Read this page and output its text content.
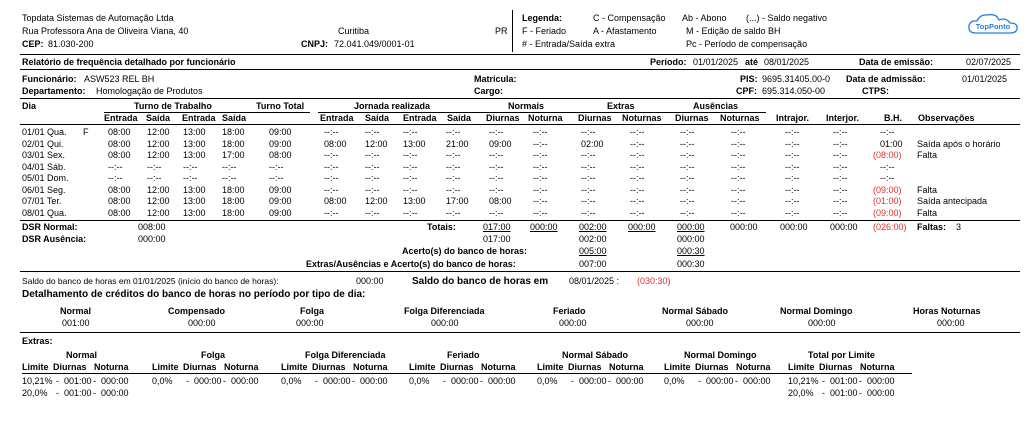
Topdata Sistemas de Automação Ltda
Rua Professora Ana de Oliveira Viana, 40
CEP: 81.030-200
Curitiba	PR
CNPJ: 72.041.049/0001-01
Legenda:	C - Compensação Ab - Abono (...) - Saldo negativo
F - Feriado	A - Afastamento	M - Edição de saldo BH
# - Entrada/Saída extra	Pc - Período de compensação
TopPonto
Relatório de frequência detalhado por funcionário	Período: 01/01/2025 até 08/01/2025	Data de emissão:	02/07/2025
Funcionário: ASW523 REL BH
Departamento: Homologação de Produtos
Matricula:
Cargo:
PIS: 9695.31405.00-0 Data de admissão:	01/01/2025
CPF: 695.314.050-00	CTPS:
Dia	Turno de Trabalho	Turno Total	Jornada realizada	Normais	Extras	Ausências
Entrada Saída Entrada Saída	Entrada Saída Entrada Saída Diurnas Noturna Diurnas Noturnas Diurnas Noturnas Intrajor. Interjor.	B.H. Observações
01/01 Qua. F 08:00 12:00 13:00 18:00	09:00	--:--	--:--	--:--	--:--	--:--	--:--	--:--	--:--	--:--	--:--	--:--	--:--	--:--
02/01 Qui.	08:00 12:00 13:00 18:00	09:00	08:00 12:00 13:00 21:00 09:00 --:--	02:00	--:--	--:--	--:--	--:--	--:--	01:00 Saída após o horário
03/01 Sex.	08:00 12:00 13:00 17:00	08:00	--:--	--:--	--:--	--:--	--:--	--:--	--:--	--:--	--:--	--:--	--:--	--:--	(08:00) Falta
04/01 Sáb.	--:--	--:-- --:--	--:--	--:--	--:--	--:--	--:--	--:--	--:--	--:--	--:--	--:--	--:--	--:--	--:--	--:--	--:--
05/01 Dom.	--:--	--:-- --:--	--:--	--:--	--:--	--:--	--:--	--:--	--:--	--:--	--:--	--:--	--:--	--:--	--:--	--:--	--:--
06/01 Seg.	08:00 12:00 13:00 18:00	09:00	--:--	--:--	--:--	--:--	--:--	--:--	--:--	--:--	--:--	--:--	--:--	--:--	(09:00) Falta
07/01 Ter.	08:00 12:00 13:00 18:00	09:00	08:00 12:00 13:00 17:00 08:00 --:--	--:--	--:--	--:--	--:--	--:--	--:--	(01:00) Saída antecipada
08/01 Qua.	08:00 12:00 13:00 18:00	09:00	--:--	--:--	--:--	--:--	--:--	--:--	--:--	--:--	--:--	--:--	--:--	--:--	(09:00) Falta
DSR Normal:	008:00
DSR Ausência:	000:00
Totais:	017:00 000:00 002:00 000:00 000:00	000:00 000:00 000:00 (026:00) Faltas: 3
017:00	002:00	000:00
Acerto(s) do banco de horas:	005:00	000:30
Extras/Ausências e Acerto(s) do banco de horas:	007:00	000:30
Saldo do banco de horas em 01/01/2025 (início do banco de horas):	000:00	Saldo do banco de horas em 08/01/2025 : (030:30)
Detalhamento de créditos do banco de horas no período por tipo de dia:
Normal
001:00
Compensado
000:00
Folga
000:00
Folga Diferenciada
000:00
Feriado
000:00
Normal Sábado
000:00
Normal Domingo
000:00
Horas Noturnas
000:00
Extras:
Normal	Folga	Folga Diferenciada	Feriado	Normal Sábado	Normal Domingo	Total por Limite
Limite Diurnas Noturna	Limite Diurnas Noturna	Limite Diurnas Noturna Limite Diurnas Noturna Limite Diurnas Noturna Limite Diurnas Noturna Limite Diurnas Noturna
10,21% - 001:00 - 000:00	0,0% - 000:00 - 000:00 0,0% - 000:00 - 000:00 0,0% - 000:00 - 000:00 0,0% - 000:00 - 000:00 0,0% - 000:00 - 000:00 10,21% - 001:00 - 000:00
20,0% - 001:00 - 000:00	20,0% - 001:00 - 000:00
